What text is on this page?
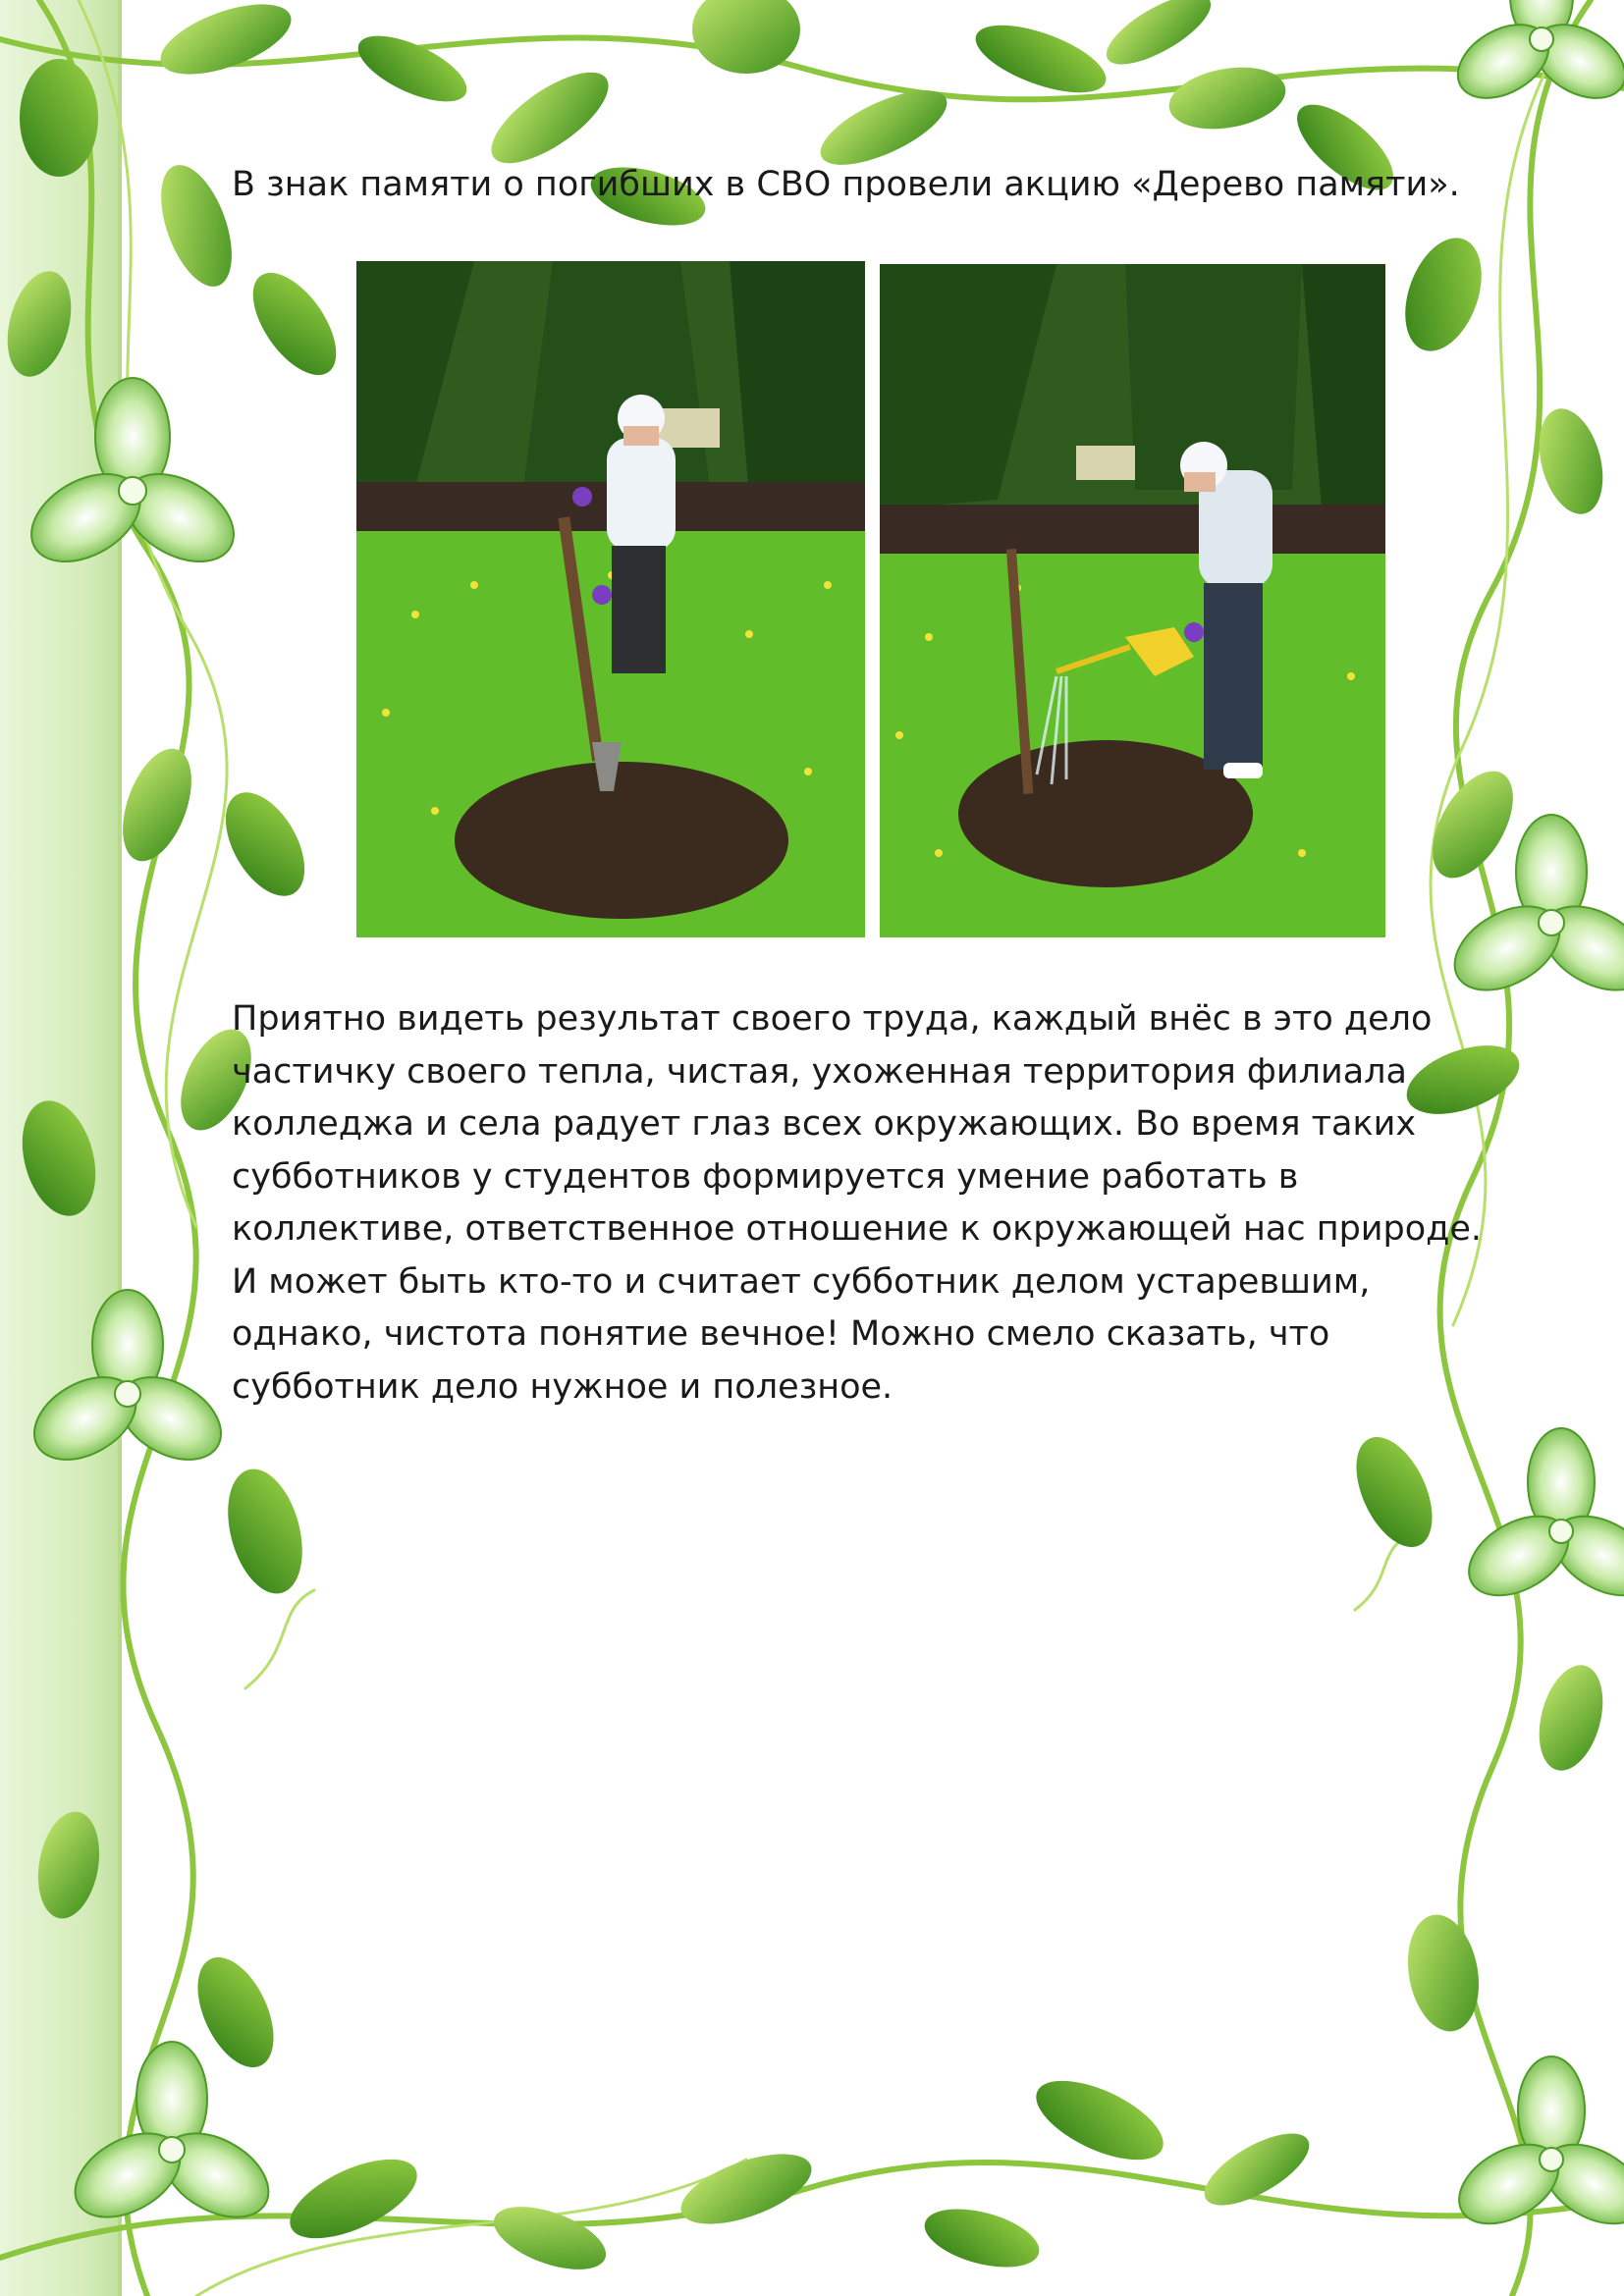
В знак памяти о погибших в СВО провели акцию «Дерево памяти».
Приятно видеть результат своего труда, каждый внёс в это дело
частичку своего тепла, чистая, ухоженная территория филиала
колледжа и села радует глаз всех окружающих. Во время таких
субботников у студентов формируется умение работать в
коллективе, ответственное отношение к окружающей нас природе.
И может быть кто-то и считает субботник делом устаревшим,
однако, чистота понятие вечное! Можно смело сказать, что
субботник дело нужное и полезное.
